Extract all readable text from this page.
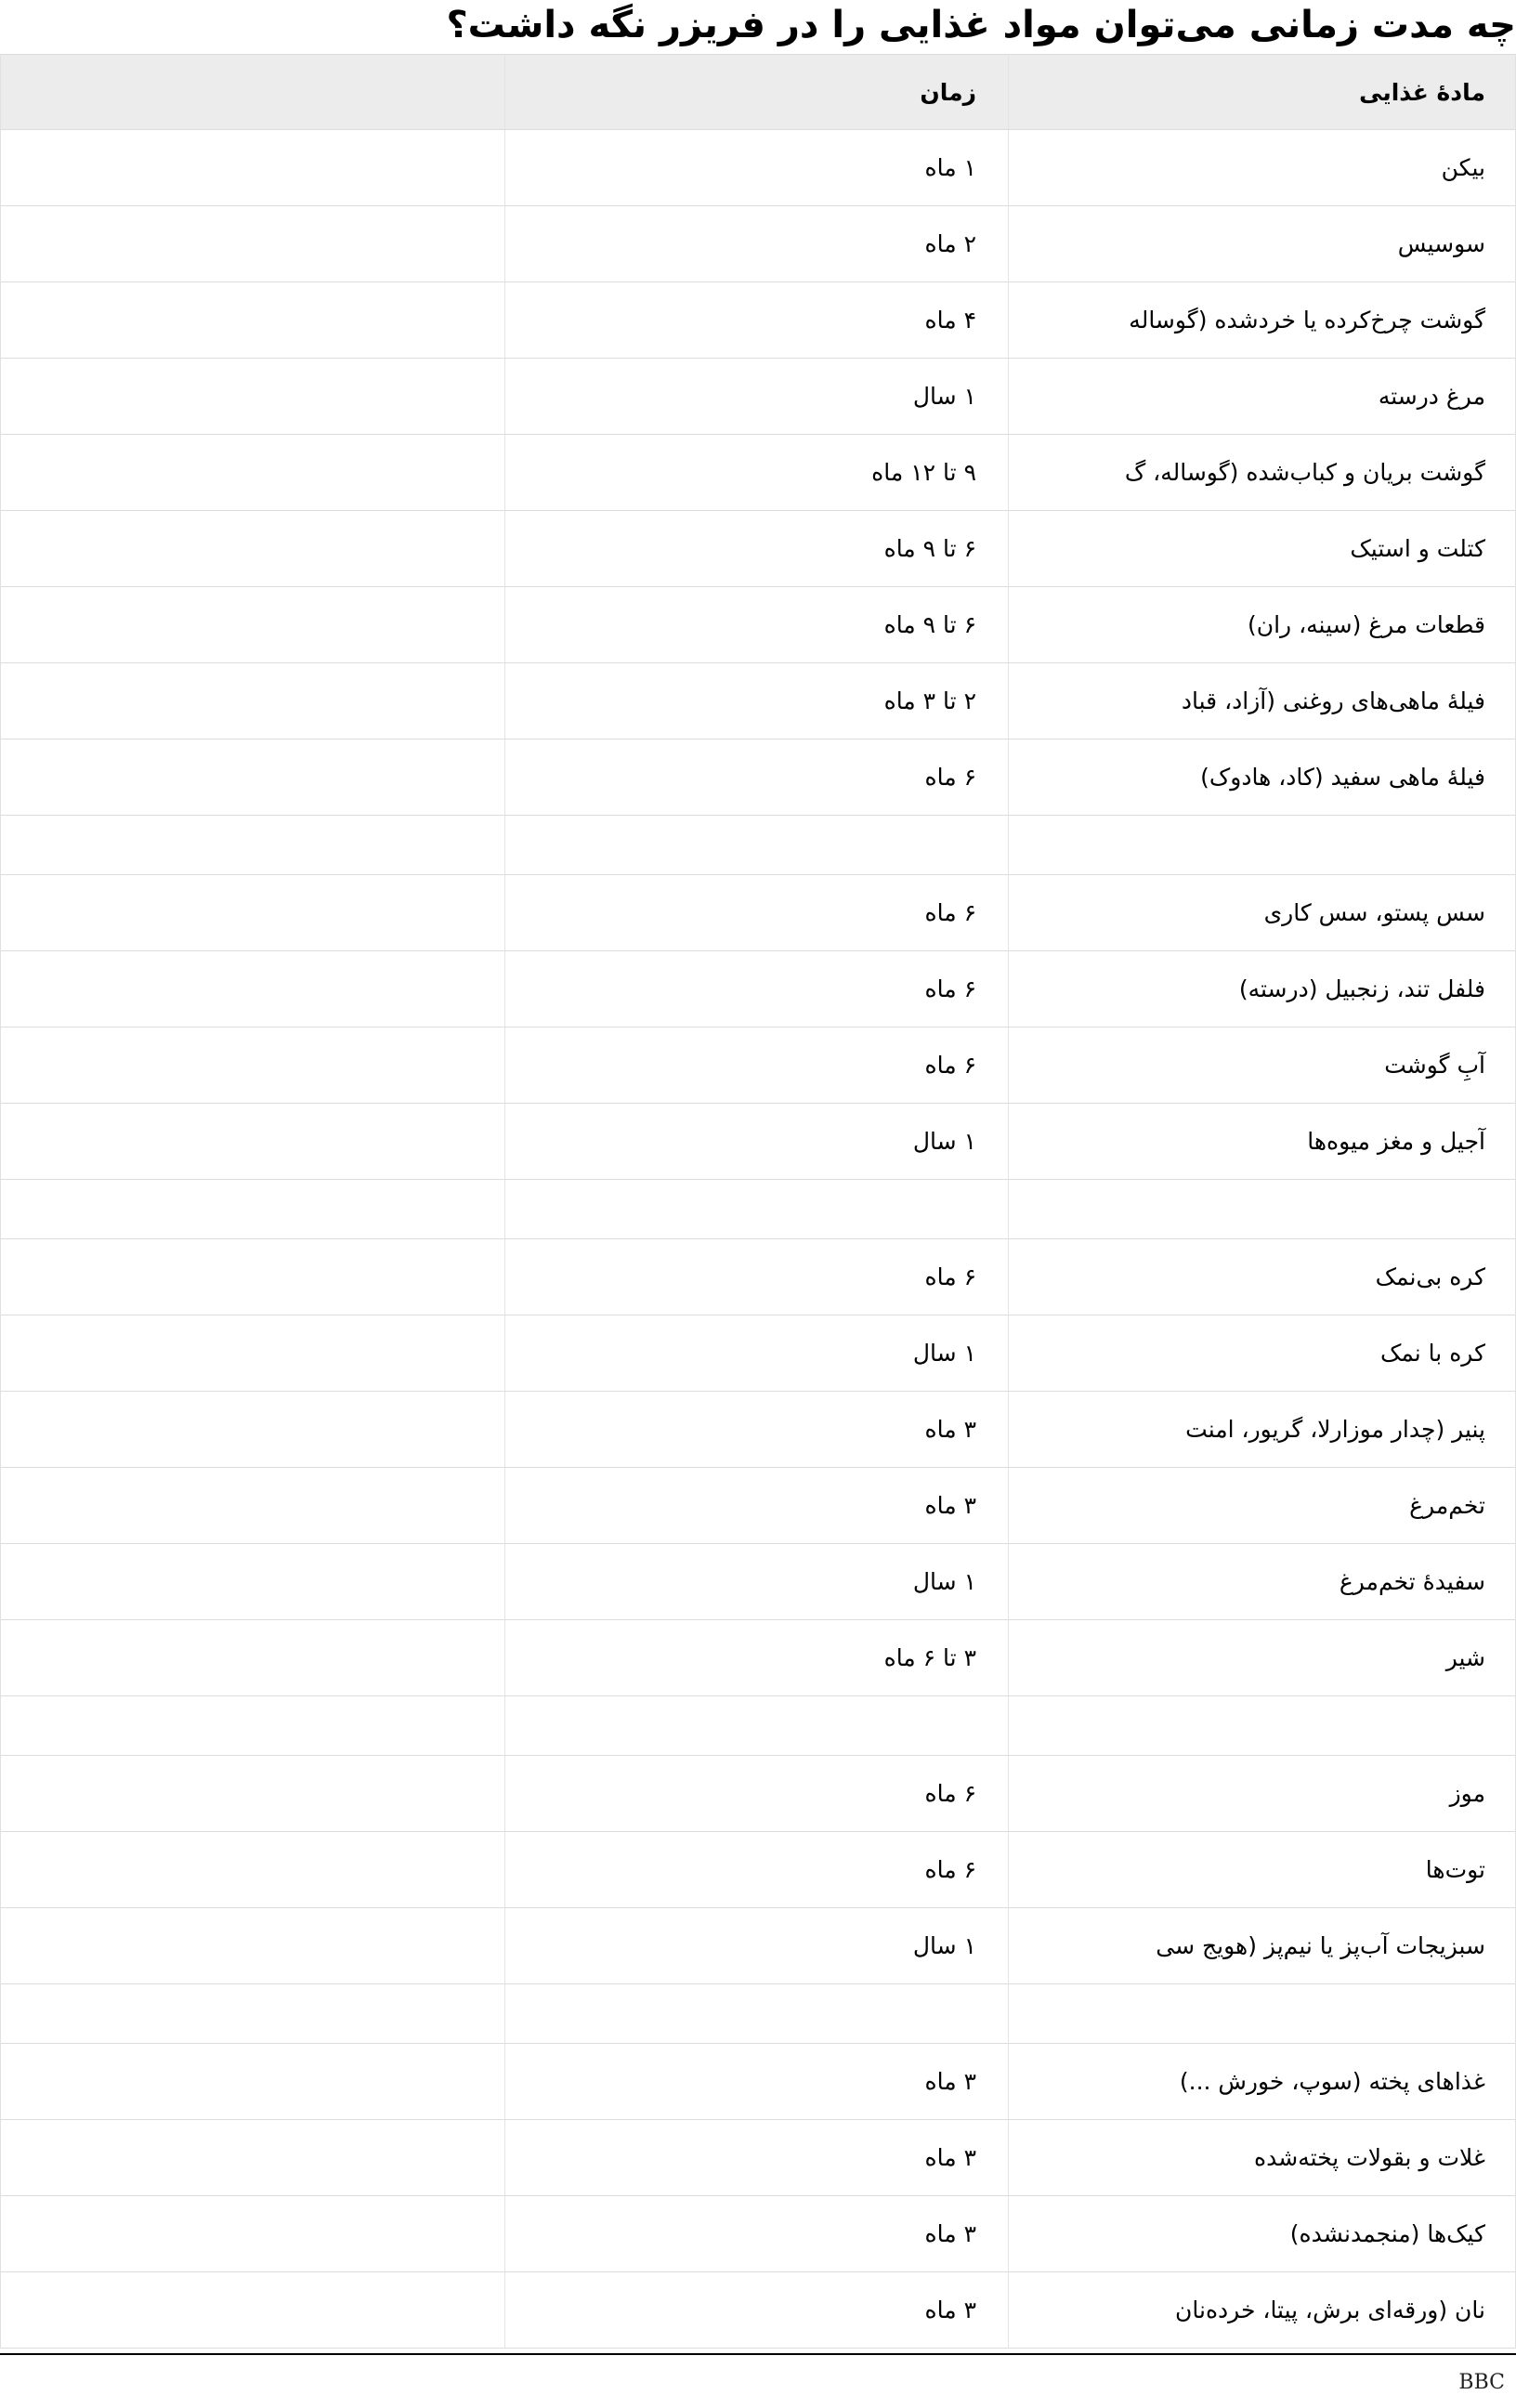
چه مدت زمانی می‌توان مواد غذایی را در فریزر نگه داشت؟
مادهٔ غذایی
زمان
بیکن
۱ ماه
سوسیس
۲ ماه
گوشت چرخ‌کرده یا خردشده (گوساله
۴ ماه
مرغ درسته
۱ سال
گوشت بریان و کباب‌شده (گوساله، گ
۹ تا ۱۲ ماه
کتلت و استیک
۶ تا ۹ ماه
قطعات مرغ (سینه، ران)
۶ تا ۹ ماه
فیلهٔ ماهی‌های روغنی (آزاد، قباد
۲ تا ۳ ماه
فیلهٔ ماهی سفید (کاد، هادوک)
۶ ماه
سس پستو، سس کاری
۶ ماه
فلفل تند، زنجبیل (درسته)
۶ ماه
آبِ گوشت
۶ ماه
آجیل و مغز میوه‌ها
۱ سال
کره بی‌نمک
۶ ماه
کره با نمک
۱ سال
پنیر (چدار موزارلا، گریور، امنت
۳ ماه
تخم‌مرغ
۳ ماه
سفیدهٔ تخم‌مرغ
۱ سال
شیر
۳ تا ۶ ماه
موز
۶ ماه
توت‌ها
۶ ماه
سبزیجات آب‌پز یا نیم‌پز (هویج سی
۱ سال
غذاهای پخته (سوپ، خورش ...)
۳ ماه
غلات و بقولات پخته‌شده
۳ ماه
کیک‌ها (منجمدنشده)
۳ ماه
نان (ورقه‌ای برش، پیتا، خرده‌نان
۳ ماه
BBC
